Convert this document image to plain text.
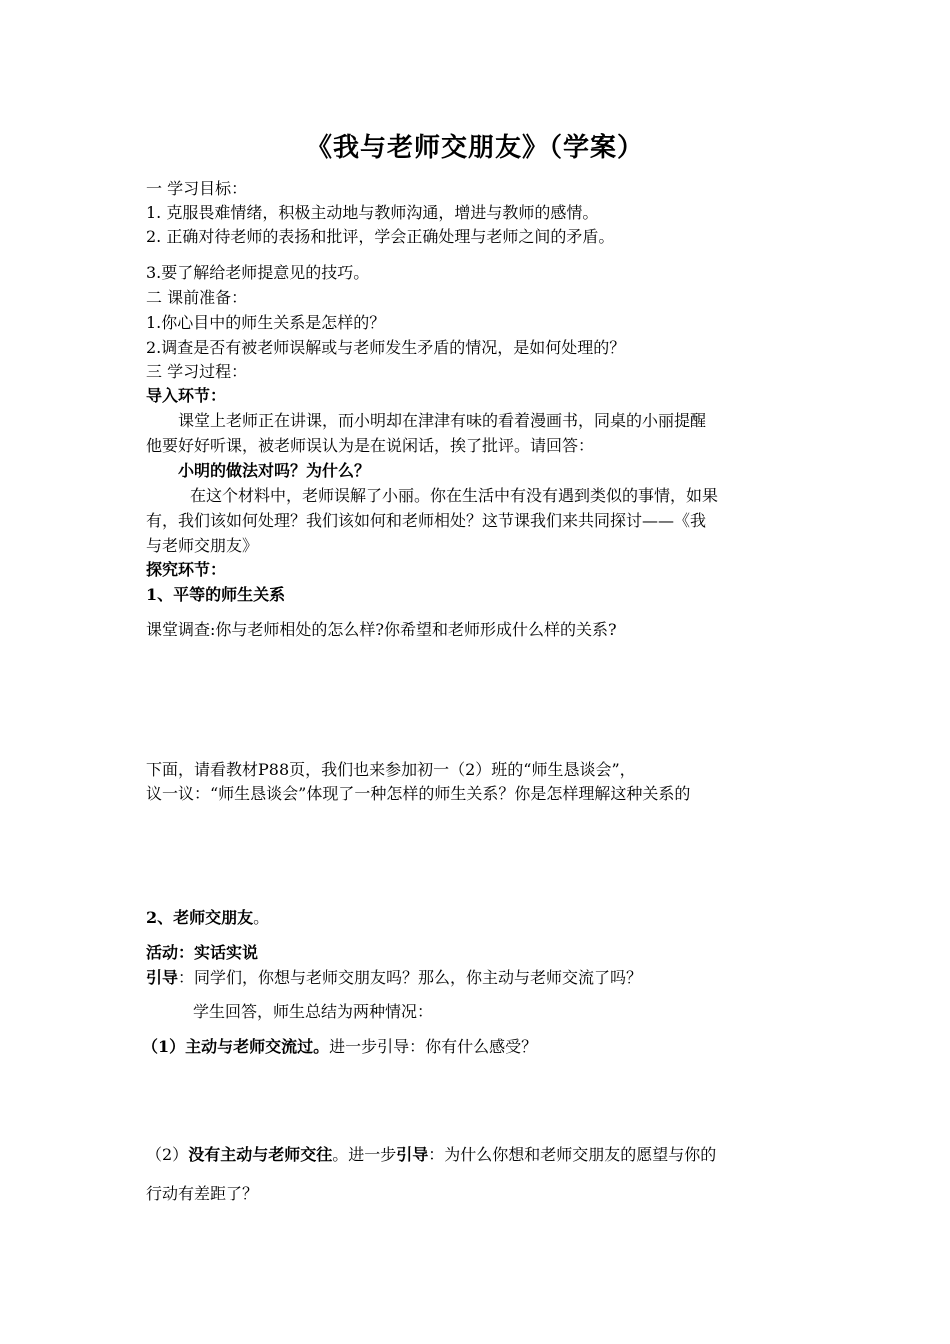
《我与老师交朋友》（学案）
一 学习目标：
1. 克服畏难情绪，积极主动地与教师沟通，增进与教师的感情。
2. 正确对待老师的表扬和批评，学会正确处理与老师之间的矛盾。
3.要了解给老师提意见的技巧。
二 课前准备：
1.你心目中的师生关系是怎样的？
2.调查是否有被老师误解或与老师发生矛盾的情况，是如何处理的？
三 学习过程：
导入环节：
课堂上老师正在讲课，而小明却在津津有味的看着漫画书，同桌的小丽提醒
他要好好听课，被老师误认为是在说闲话，挨了批评。请回答：
小明的做法对吗？为什么？
在这个材料中，老师误解了小丽。你在生活中有没有遇到类似的事情，如果
有，我们该如何处理？我们该如何和老师相处？这节课我们来共同探讨——《我
与老师交朋友》
探究环节：
1、平等的师生关系
课堂调查:你与老师相处的怎么样?你希望和老师形成什么样的关系?
下面，请看教材P88页，我们也来参加初一（2）班的“师生恳谈会”，
议一议：“师生恳谈会”体现了一种怎样的师生关系？你是怎样理解这种关系的
2、老师交朋友。
活动：实话实说
引导：同学们，你想与老师交朋友吗？那么，你主动与老师交流了吗？
学生回答，师生总结为两种情况：
（1）主动与老师交流过。进一步引导：你有什么感受？
（2）没有主动与老师交往。进一步引导：为什么你想和老师交朋友的愿望与你的
行动有差距了？
